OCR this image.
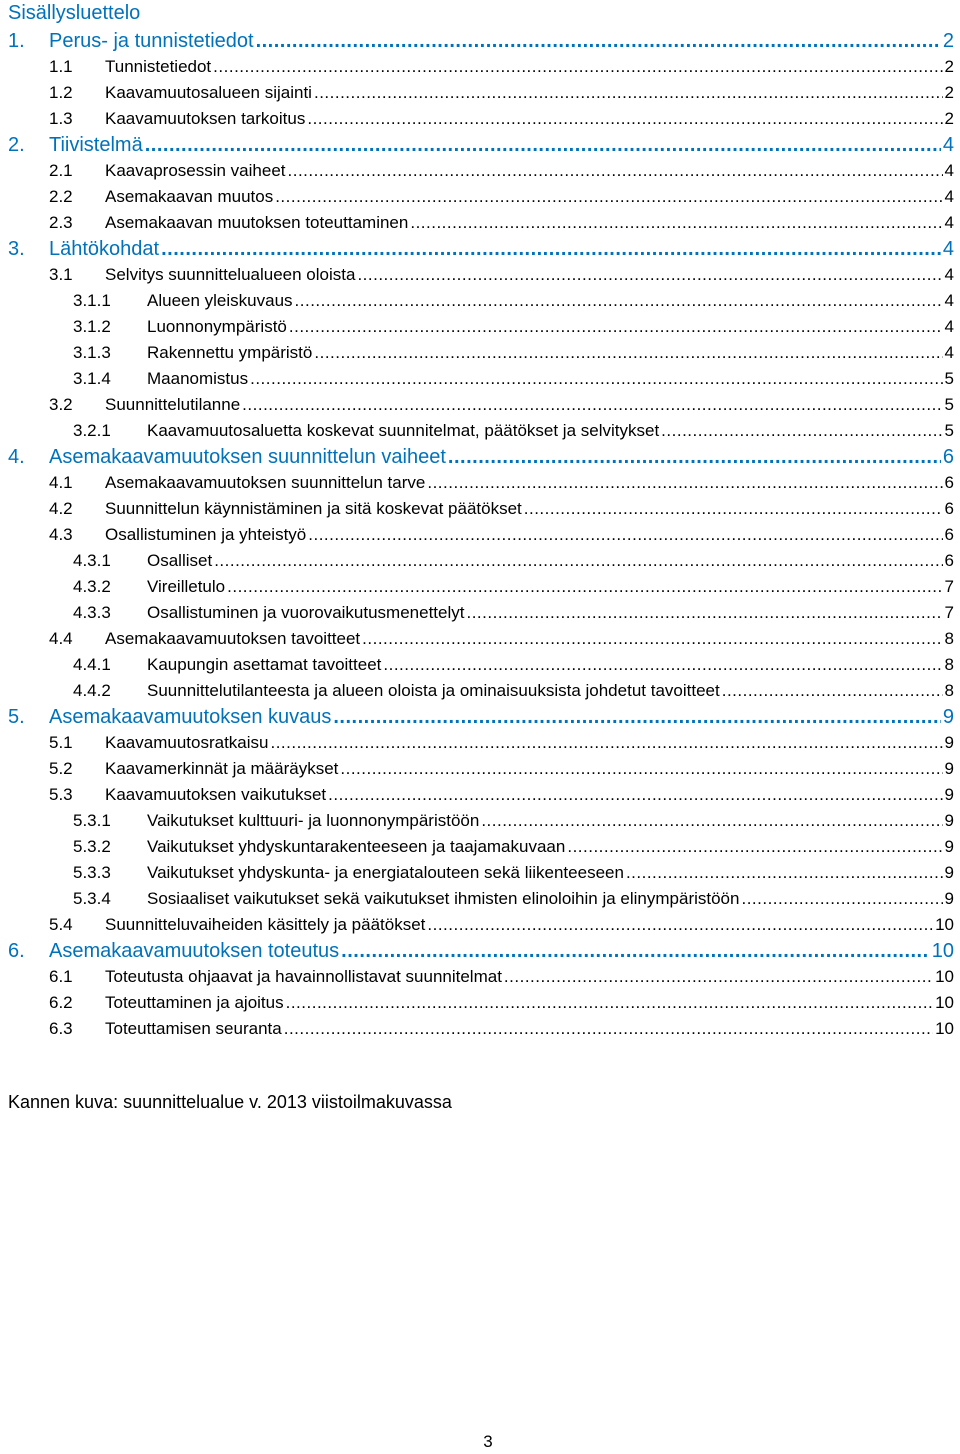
Sisällysluettelo
1. Perus- ja tunnistetiedot .....	2
1.1 Tunnistetiedot .....	2
1.2 Kaavamuutosalueen sijainti .....	2
1.3 Kaavamuutoksen tarkoitus .....	2
2. Tiivistelmä .....	4
2.1 Kaavaprosessin vaiheet .....	4
2.2 Asemakaavan muutos .....	4
2.3 Asemakaavan muutoksen toteuttaminen .....	4
3. Lähtökohdat .....	4
3.1 Selvitys suunnittelualueen oloista .....	4
3.1.1 Alueen yleiskuvaus .....	4
3.1.2 Luonnonympäristö .....	4
3.1.3 Rakennettu ympäristö .....	4
3.1.4 Maanomistus .....	5
3.2 Suunnittelutilanne .....	5
3.2.1 Kaavamuutosaluetta koskevat suunnitelmat, päätökset ja selvitykset .....	5
4. Asemakaavamuutoksen suunnittelun vaiheet .....	6
4.1 Asemakaavamuutoksen suunnittelun tarve .....	6
4.2 Suunnittelun käynnistäminen ja sitä koskevat päätökset .....	6
4.3 Osallistuminen ja yhteistyö .....	6
4.3.1 Osalliset .....	6
4.3.2 Vireilletulo .....	7
4.3.3 Osallistuminen ja vuorovaikutusmenettelyt .....	7
4.4 Asemakaavamuutoksen tavoitteet .....	8
4.4.1 Kaupungin asettamat tavoitteet .....	8
4.4.2 Suunnittelutilanteesta ja alueen oloista ja ominaisuuksista johdetut tavoitteet .....	8
5. Asemakaavamuutoksen kuvaus .....	9
5.1 Kaavamuutosratkaisu .....	9
5.2 Kaavamerkinnät ja määräykset .....	9
5.3 Kaavamuutoksen vaikutukset .....	9
5.3.1 Vaikutukset kulttuuri- ja luonnonympäristöön .....	9
5.3.2 Vaikutukset yhdyskuntarakenteeseen ja taajamakuvaan .....	9
5.3.3 Vaikutukset yhdyskunta- ja energiatalouteen sekä liikenteeseen .....	9
5.3.4 Sosiaaliset vaikutukset sekä vaikutukset ihmisten elinoloihin ja elinympäristöön .....	9
5.4 Suunnitteluvaiheiden käsittely ja päätökset .....	10
6. Asemakaavamuutoksen toteutus .....	10
6.1 Toteutusta ohjaavat ja havainnollistavat suunnitelmat .....	10
6.2 Toteuttaminen ja ajoitus .....	10
6.3 Toteuttamisen seuranta .....	10
Kannen kuva: suunnittelualue v. 2013 viistoilmakuvassa
3
